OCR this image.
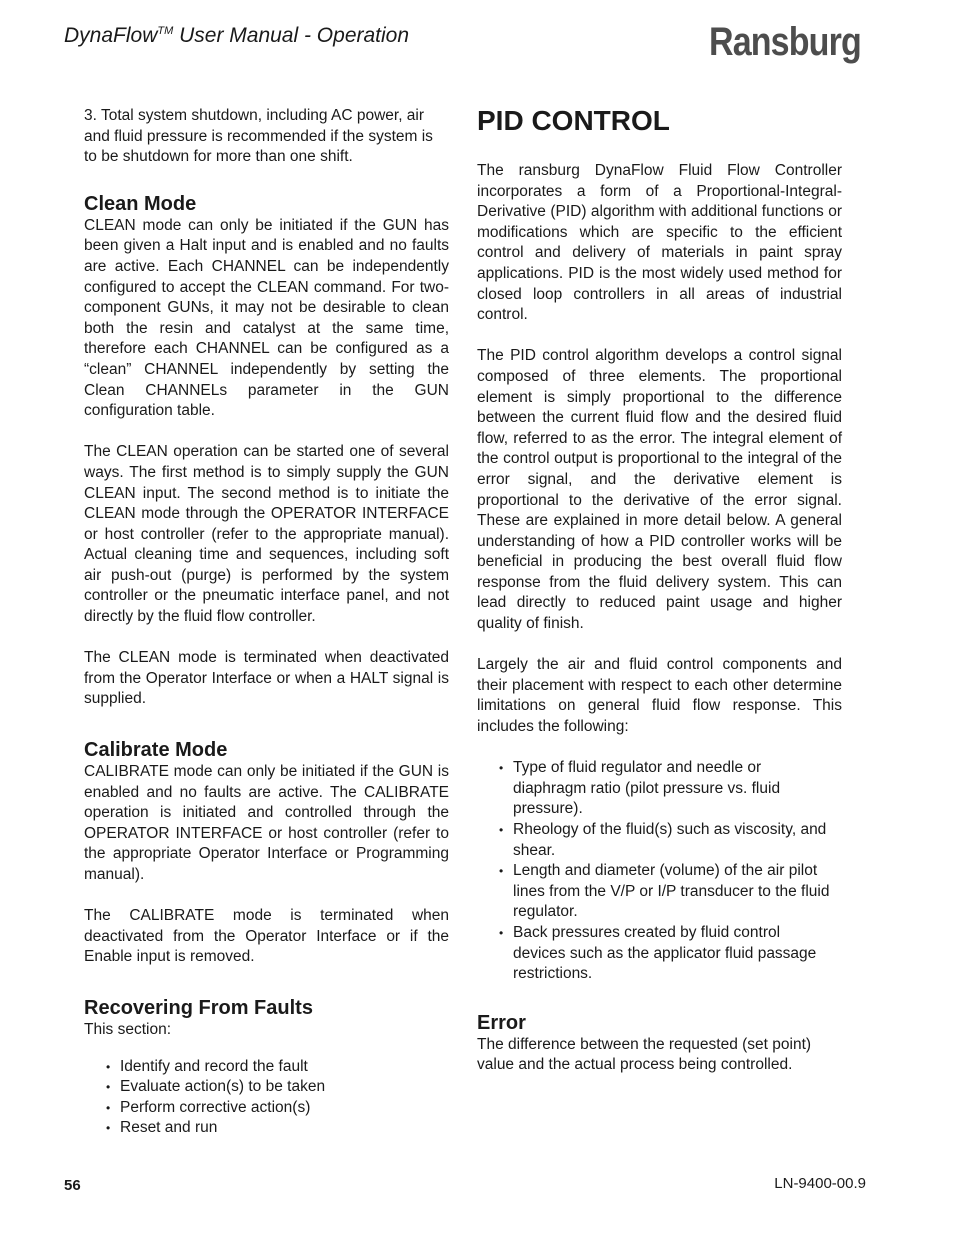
DynaFlow™ User Manual - Operation	Ransburg

3. Total system shutdown, including AC power, air and fluid pressure is recommended if the system is to be shutdown for more than one shift.

Clean Mode

CLEAN mode can only be initiated if the GUN has been given a Halt input and is enabled and no faults are active. Each CHANNEL can be independently configured to accept the CLEAN command. For two-component GUNs, it may not be desirable to clean both the resin and catalyst at the same time, therefore each CHANNEL can be configured as a “clean” CHANNEL independently by setting the Clean CHANNELs parameter in the GUN configuration table.

The CLEAN operation can be started one of several ways. The first method is to simply supply the GUN CLEAN input. The second method is to initiate the CLEAN mode through the OPERATOR INTERFACE or host controller (refer to the appropriate manual). Actual cleaning time and sequences, including soft air push-out (purge) is performed by the system controller or the pneumatic interface panel, and not directly by the fluid flow controller.

The CLEAN mode is terminated when deactivated from the Operator Interface or when a HALT signal is supplied.

Calibrate Mode

CALIBRATE mode can only be initiated if the GUN is enabled and no faults are active. The CALIBRATE operation is initiated and controlled through the OPERATOR INTERFACE or host controller (refer to the appropriate Operator Interface or Programming manual).

The CALIBRATE mode is terminated when deactivated from the Operator Interface or if the Enable input is removed.

Recovering From Faults

This section:

• Identify and record the fault
• Evaluate action(s) to be taken
• Perform corrective action(s)
• Reset and run
PID CONTROL

The ransburg DynaFlow Fluid Flow Controller incorporates a form of a Proportional-Integral-Derivative (PID) algorithm with additional functions or modifications which are specific to the efficient control and delivery of materials in paint spray applications. PID is the most widely used method for closed loop controllers in all areas of industrial control.

The PID control algorithm develops a control signal composed of three elements. The proportional element is simply proportional to the difference between the current fluid flow and the desired fluid flow, referred to as the error. The integral element of the control output is proportional to the integral of the error signal, and the derivative element is proportional to the derivative of the error signal. These are explained in more detail below. A general understanding of how a PID controller works will be beneficial in producing the best overall fluid flow response from the fluid delivery system. This can lead directly to reduced paint usage and higher quality of finish.

Largely the air and fluid control components and their placement with respect to each other determine limitations on general fluid flow response. This includes the following:

• Type of fluid regulator and needle or diaphragm ratio (pilot pressure vs. fluid pressure).
• Rheology of the fluid(s) such as viscosity, and shear.
• Length and diameter (volume) of the air pilot lines from the V/P or I/P transducer to the fluid regulator.
• Back pressures created by fluid control devices such as the applicator fluid passage restrictions.
Error

The difference between the requested (set point) value and the actual process being controlled.

56	LN-9400-00.9
